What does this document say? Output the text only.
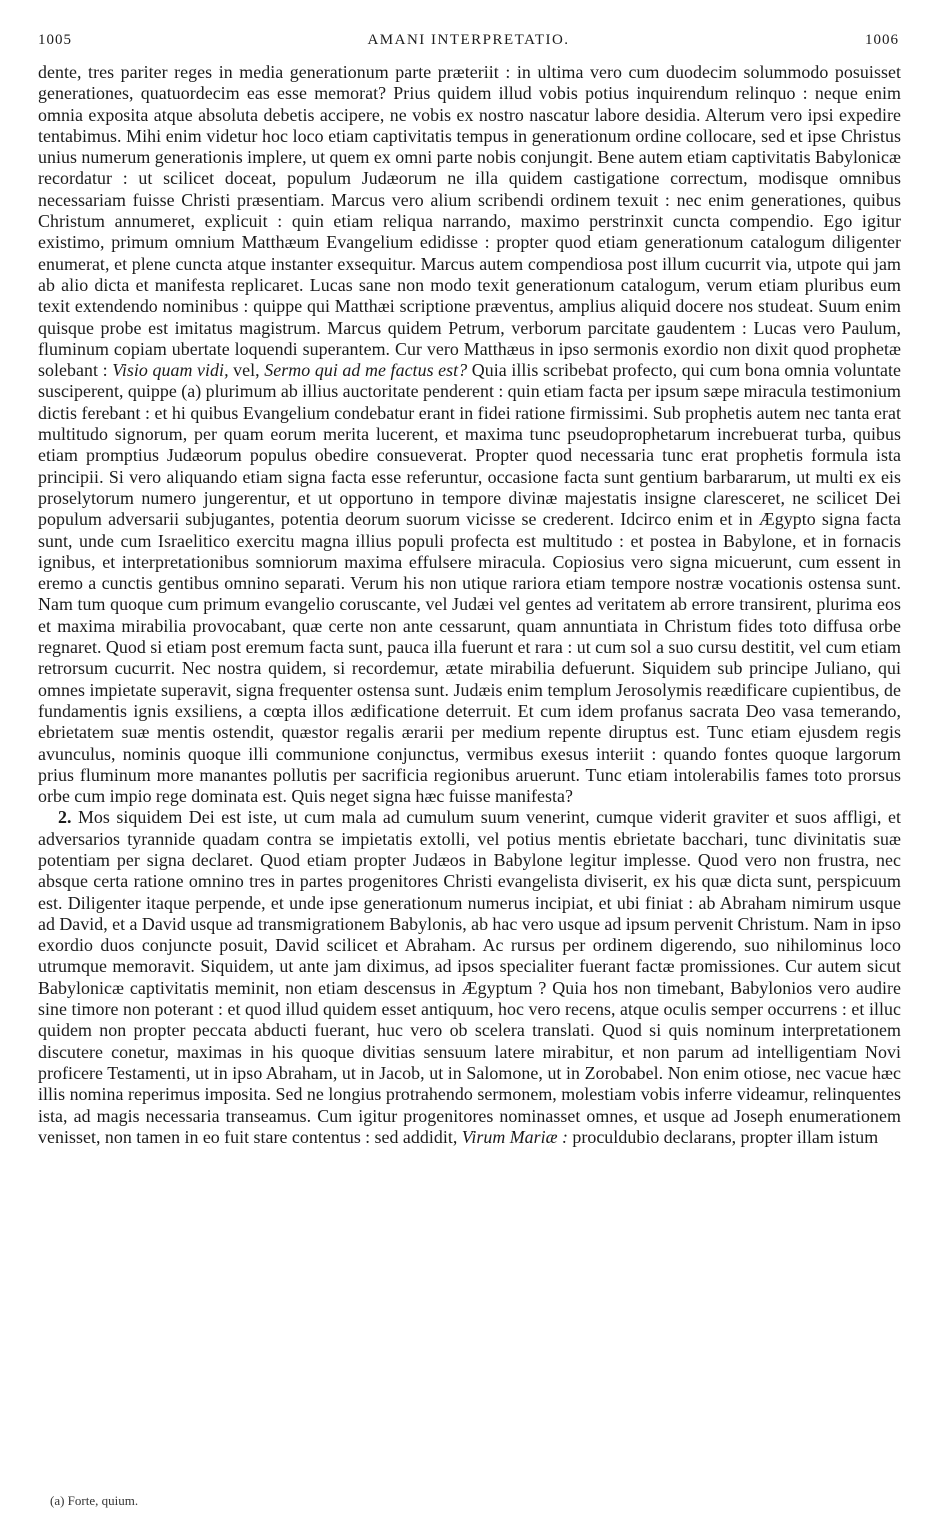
1005	AMANI INTERPRETATIO.	1006

dente, tres pariter reges in media generationum parte præteriit : in ultima vero cum duodecim solummodo posuisset generationes, quatuordecim eas esse memorat? Prius quidem illud vobis potius inquirendum relinquo : neque enim omnia exposita atque absoluta debetis accipere, ne vobis ex nostro nascatur labore desidia. Alterum vero ipsi expedire tentabimus. Mihi enim videtur hoc loco etiam captivitatis tempus in generationum ordine collocare, sed et ipse Christus unius numerum generationis implere, ut quem ex omni parte nobis conjungit. Bene autem etiam captivitatis Babylonicæ recordatur : ut scilicet doceat, populum Judæorum ne illa quidem castigatione correctum, modisque omnibus necessariam fuisse Christi præsentiam. Marcus vero alium scribendi ordinem texuit : nec enim generationes, quibus Christum annumeret, explicuit : quin etiam reliqua narrando, maximo perstrinxit cuncta compendio. Ego igitur existimo, primum omnium Matthæum Evangelium edidisse : propter quod etiam generationum catalogum diligenter enumerat, et plene cuncta atque instanter exsequitur. Marcus autem compendiosa post illum cucurrit via, utpote qui jam ab alio dicta et manifesta replicaret. Lucas sane non modo texit generationum catalogum, verum etiam pluribus eum texit extendendo nominibus : quippe qui Matthæi scriptione præventus, amplius aliquid docere nos studeat. Suum enim quisque probe est imitatus magistrum. Marcus quidem Petrum, verborum parcitate gaudentem : Lucas vero Paulum, fluminum copiam ubertate loquendi superantem. Cur vero Matthæus in ipso sermonis exordio non dixit quod prophetæ solebant : Visio quam vidi, vel, Sermo qui ad me factus est? Quia illis scribebat profecto, qui cum bona omnia voluntate susciperent, quippe (a) plurimum ab illius auctoritate penderent : quin etiam facta per ipsum sæpe miracula testimonium dictis ferebant : et hi quibus Evangelium condebatur erant in fidei ratione firmissimi. Sub prophetis autem nec tanta erat multitudo signorum, per quam eorum merita lucerent, et maxima tunc pseudoprophetarum increbuerat turba, quibus etiam promptius Judæorum populus obedire consueverat. Propter quod necessaria tunc erat prophetis formula ista principii. Si vero aliquando etiam signa facta esse referuntur, occasione facta sunt gentium barbararum, ut multi ex eis proselytorum numero jungerentur, et ut opportuno in tempore divinæ majestatis insigne claresceret, ne scilicet Dei populum adversarii subjugantes, potentia deorum suorum vicisse se crederent. Idcirco enim et in Ægypto signa facta sunt, unde cum Israelitico exercitu magna illius populi profecta est multitudo : et postea in Babylone, et in fornacis ignibus, et interpretationibus somniorum maxima effulsere miracula. Copiosius vero signa micuerunt, cum essent in eremo a cunctis gentibus omnino separati. Verum his non utique rariora etiam tempore nostræ vocationis ostensa sunt. Nam tum quoque cum primum evangelio coruscante, vel Judæi vel gentes ad veritatem ab errore transirent, plurima eos et maxima mirabilia provocabant, quæ certe non ante cessarunt, quam annuntiata in Christum fides toto diffusa orbe regnaret. Quod si etiam post eremum facta sunt, pauca illa fuerunt et rara : ut cum sol a suo cursu destitit, vel cum etiam retrorsum cucurrit. Nec nostra quidem, si recordemur, ætate mirabilia defuerunt. Siquidem sub principe Juliano, qui omnes impietate superavit, signa frequenter ostensa sunt. Judæis enim templum Jerosolymis reædificare cupientibus, de fundamentis ignis exsiliens, a cœpta illos ædificatione deterruit. Et cum idem profanus sacrata Deo vasa temerando, ebrietatem suæ mentis ostendit, quæstor regalis ærarii per medium repente diruptus est. Tunc etiam ejusdem regis avunculus, nominis quoque illi communione conjunctus, vermibus exesus interiit : quando fontes quoque largorum prius fluminum more manantes pollutis per sacrificia regionibus aruerunt. Tunc etiam intolerabilis fames toto prorsus orbe cum impio rege dominata est. Quis neget signa hæc fuisse manifesta?

2. Mos siquidem Dei est iste, ut cum mala ad cumulum suum venerint, cumque viderit graviter et suos affligi, et adversarios tyrannide quadam contra se impietatis extolli, vel potius mentis ebrietate bacchari, tunc divinitatis suæ potentiam per signa declaret. Quod etiam propter Judæos in Babylone legitur implesse. Quod vero non frustra, nec absque certa ratione omnino tres in partes progenitores Christi evangelista diviserit, ex his quæ dicta sunt, perspicuum est. Diligenter itaque perpende, et unde ipse generationum numerus incipiat, et ubi finiat : ab Abraham nimirum usque ad David, et a David usque ad transmigrationem Babylonis, ab hac vero usque ad ipsum pervenit Christum. Nam in ipso exordio duos conjuncte posuit, David scilicet et Abraham. Ac rursus per ordinem digerendo, suo nihilominus loco utrumque memoravit. Siquidem, ut ante jam diximus, ad ipsos specialiter fuerant factæ promissiones. Cur autem sicut Babylonicæ captivitatis meminit, non etiam descensus in Ægyptum ? Quia hos non timebant, Babylonios vero audire sine timore non poterant : et quod illud quidem esset antiquum, hoc vero recens, atque oculis semper occurrens : et illuc quidem non propter peccata abducti fuerant, huc vero ob scelera translati. Quod si quis nominum interpretationem discutere conetur, maximas in his quoque divitias sensuum latere mirabitur, et non parum ad intelligentiam Novi proficere Testamenti, ut in ipso Abraham, ut in Jacob, ut in Salomone, ut in Zorobabel. Non enim otiose, nec vacue hæc illis nomina reperimus imposita. Sed ne longius protrahendo sermonem, molestiam vobis inferre videamur, relinquentes ista, ad magis necessaria transeamus. Cum igitur progenitores nominasset omnes, et usque ad Joseph enumerationem venisset, non tamen in eo fuit stare contentus : sed addidit, Virum Mariæ : proculdubio declarans, propter illam istum

(a) Forte, quium.
